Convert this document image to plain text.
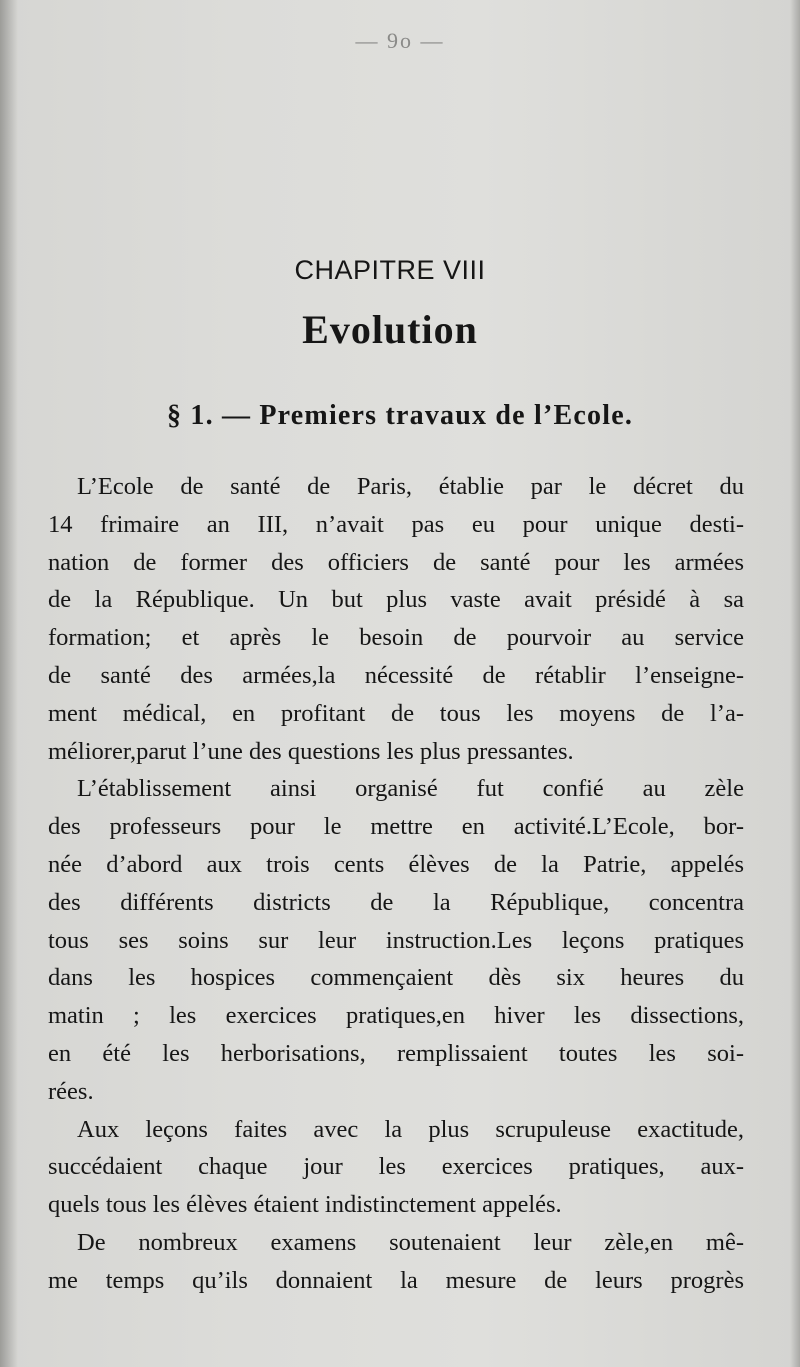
— 9o —
CHAPITRE VIII
Evolution
§ 1. — Premiers travaux de l’Ecole.
L’Ecole de santé de Paris, établie par le décret du
14 frimaire an III, n’avait pas eu pour unique desti-
nation de former des officiers de santé pour les armées
de la République. Un but plus vaste avait présidé à sa
formation; et après le besoin de pourvoir au service
de santé des armées,la nécessité de rétablir l’enseigne-
ment médical, en profitant de tous les moyens de l’a-
méliorer,parut l’une des questions les plus pressantes.
L’établissement ainsi organisé fut confié au zèle
des professeurs pour le mettre en activité.L’Ecole, bor-
née d’abord aux trois cents élèves de la Patrie, appelés
des différents districts de la République, concentra
tous ses soins sur leur instruction.Les leçons pratiques
dans les hospices commençaient dès six heures du
matin ; les exercices pratiques,en hiver les dissections,
en été les herborisations, remplissaient toutes les soi-
rées.
Aux leçons faites avec la plus scrupuleuse exactitude,
succédaient chaque jour les exercices pratiques, aux-
quels tous les élèves étaient indistinctement appelés.
De nombreux examens soutenaient leur zèle,en mê-
me temps qu’ils donnaient la mesure de leurs progrès
